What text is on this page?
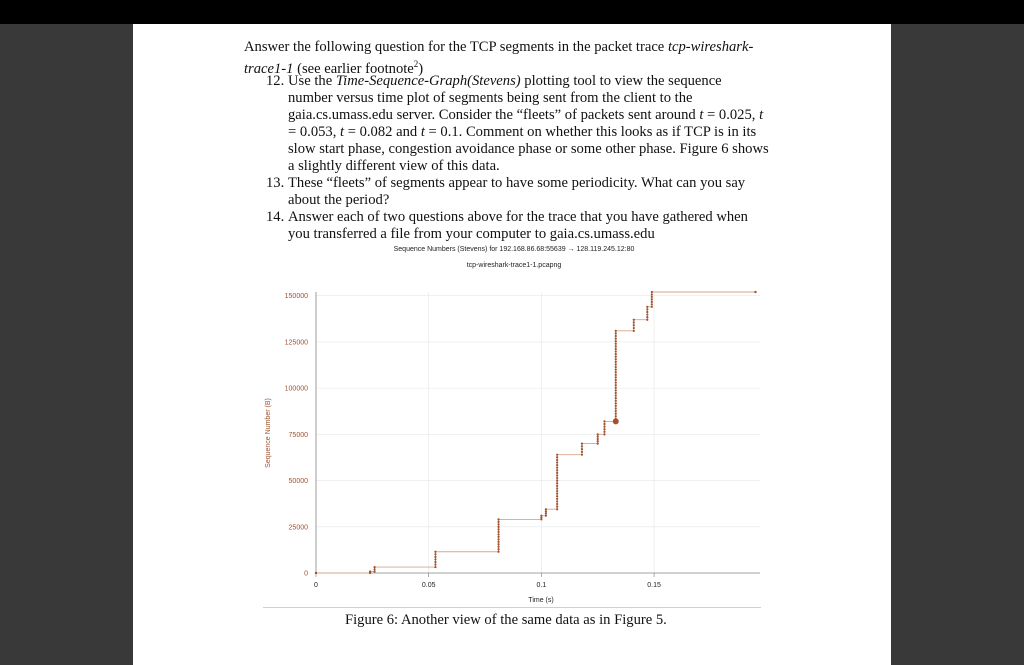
Answer the following question for the TCP segments in the packet trace tcp-wireshark-
trace1-1 (see earlier footnote$^2$)
12. Use the Time-Sequence-Graph(Stevens) plotting tool to view the sequence
number versus time plot of segments being sent from the client to the
gaia.cs.umass.edu server. Consider the “fleets” of packets sent around t = 0.025, t
= 0.053, t = 0.082 and t = 0.1. Comment on whether this looks as if TCP is in its
slow start phase, congestion avoidance phase or some other phase. Figure 6 shows
a slightly different view of this data.
13. These “fleets” of segments appear to have some periodicity. What can you say
about the period?
14. Answer each of two questions above for the trace that you have gathered when
you transferred a file from your computer to gaia.cs.umass.edu
Sequence Numbers (Stevens) for 192.168.86.68:55639 → 128.119.245.12:80
tcp-wireshark-trace1-1.pcapng
Sequence Number (B)
Time (s)
0
25000
50000
75000
100000
125000
150000
0	0.05	0.1	0.15
Figure 6: Another view of the same data as in Figure 5.
